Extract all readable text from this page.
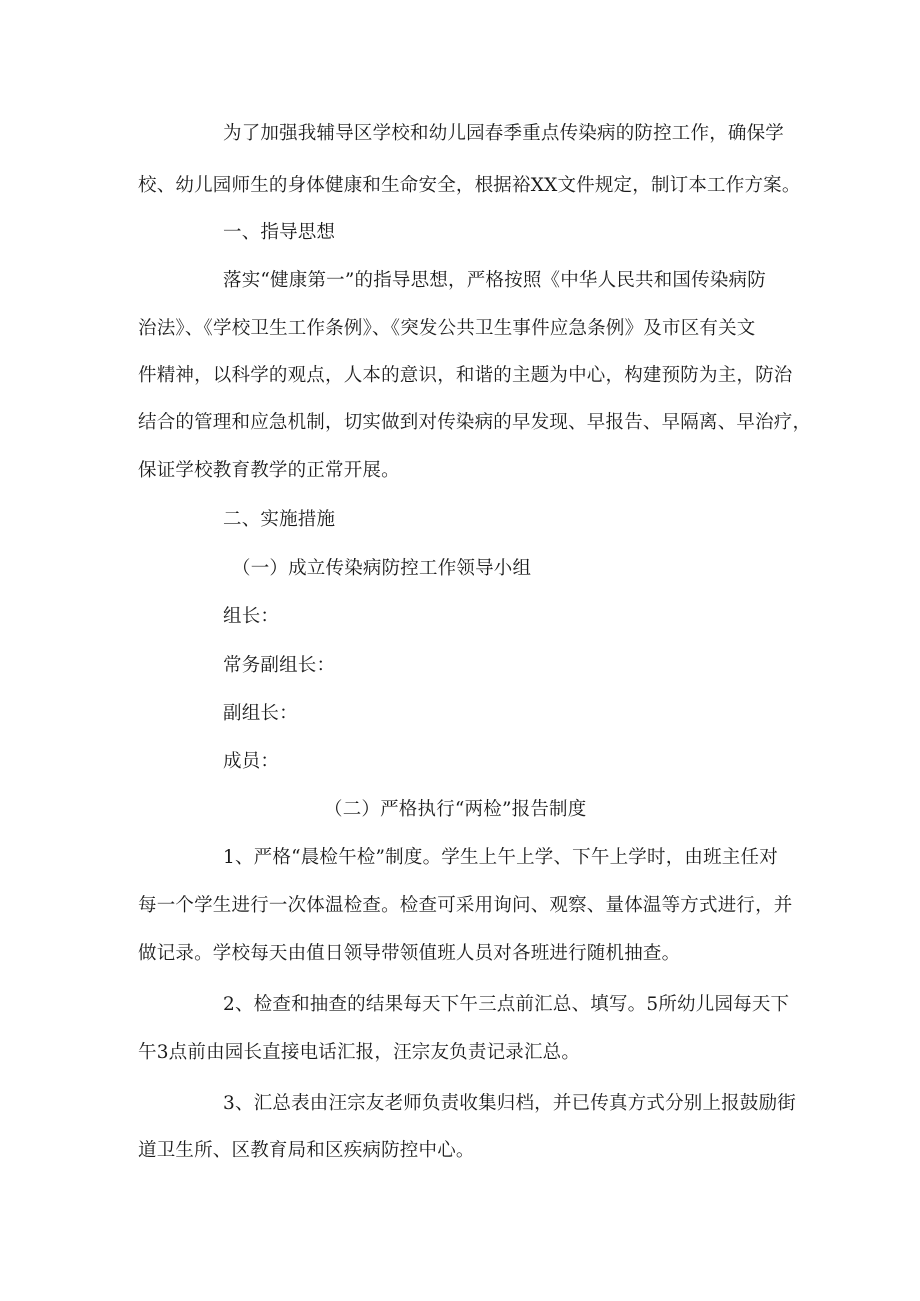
为了加强我辅导区学校和幼儿园春季重点传染病的防控工作，确保学
校、幼儿园师生的身体健康和生命安全，根据裕XX文件规定，制订本工作方案。
一、指导思想
落实“健康第一”的指导思想，严格按照《中华人民共和国传染病防
治法》、《学校卫生工作条例》、《突发公共卫生事件应急条例》及市区有关文
件精神，以科学的观点，人本的意识，和谐的主题为中心，构建预防为主，防治
结合的管理和应急机制，切实做到对传染病的早发现、早报告、早隔离、早治疗，
保证学校教育教学的正常开展。
二、实施措施
（一）成立传染病防控工作领导小组
组长：
常务副组长：
副组长：
成员：
（二）严格执行“两检”报告制度
1、严格“晨检午检”制度。学生上午上学、下午上学时，由班主任对
每一个学生进行一次体温检查。检查可采用询问、观察、量体温等方式进行，并
做记录。学校每天由值日领导带领值班人员对各班进行随机抽查。
2、检查和抽查的结果每天下午三点前汇总、填写。5所幼儿园每天下
午3点前由园长直接电话汇报，汪宗友负责记录汇总。
3、汇总表由汪宗友老师负责收集归档，并已传真方式分别上报鼓励街
道卫生所、区教育局和区疾病防控中心。
